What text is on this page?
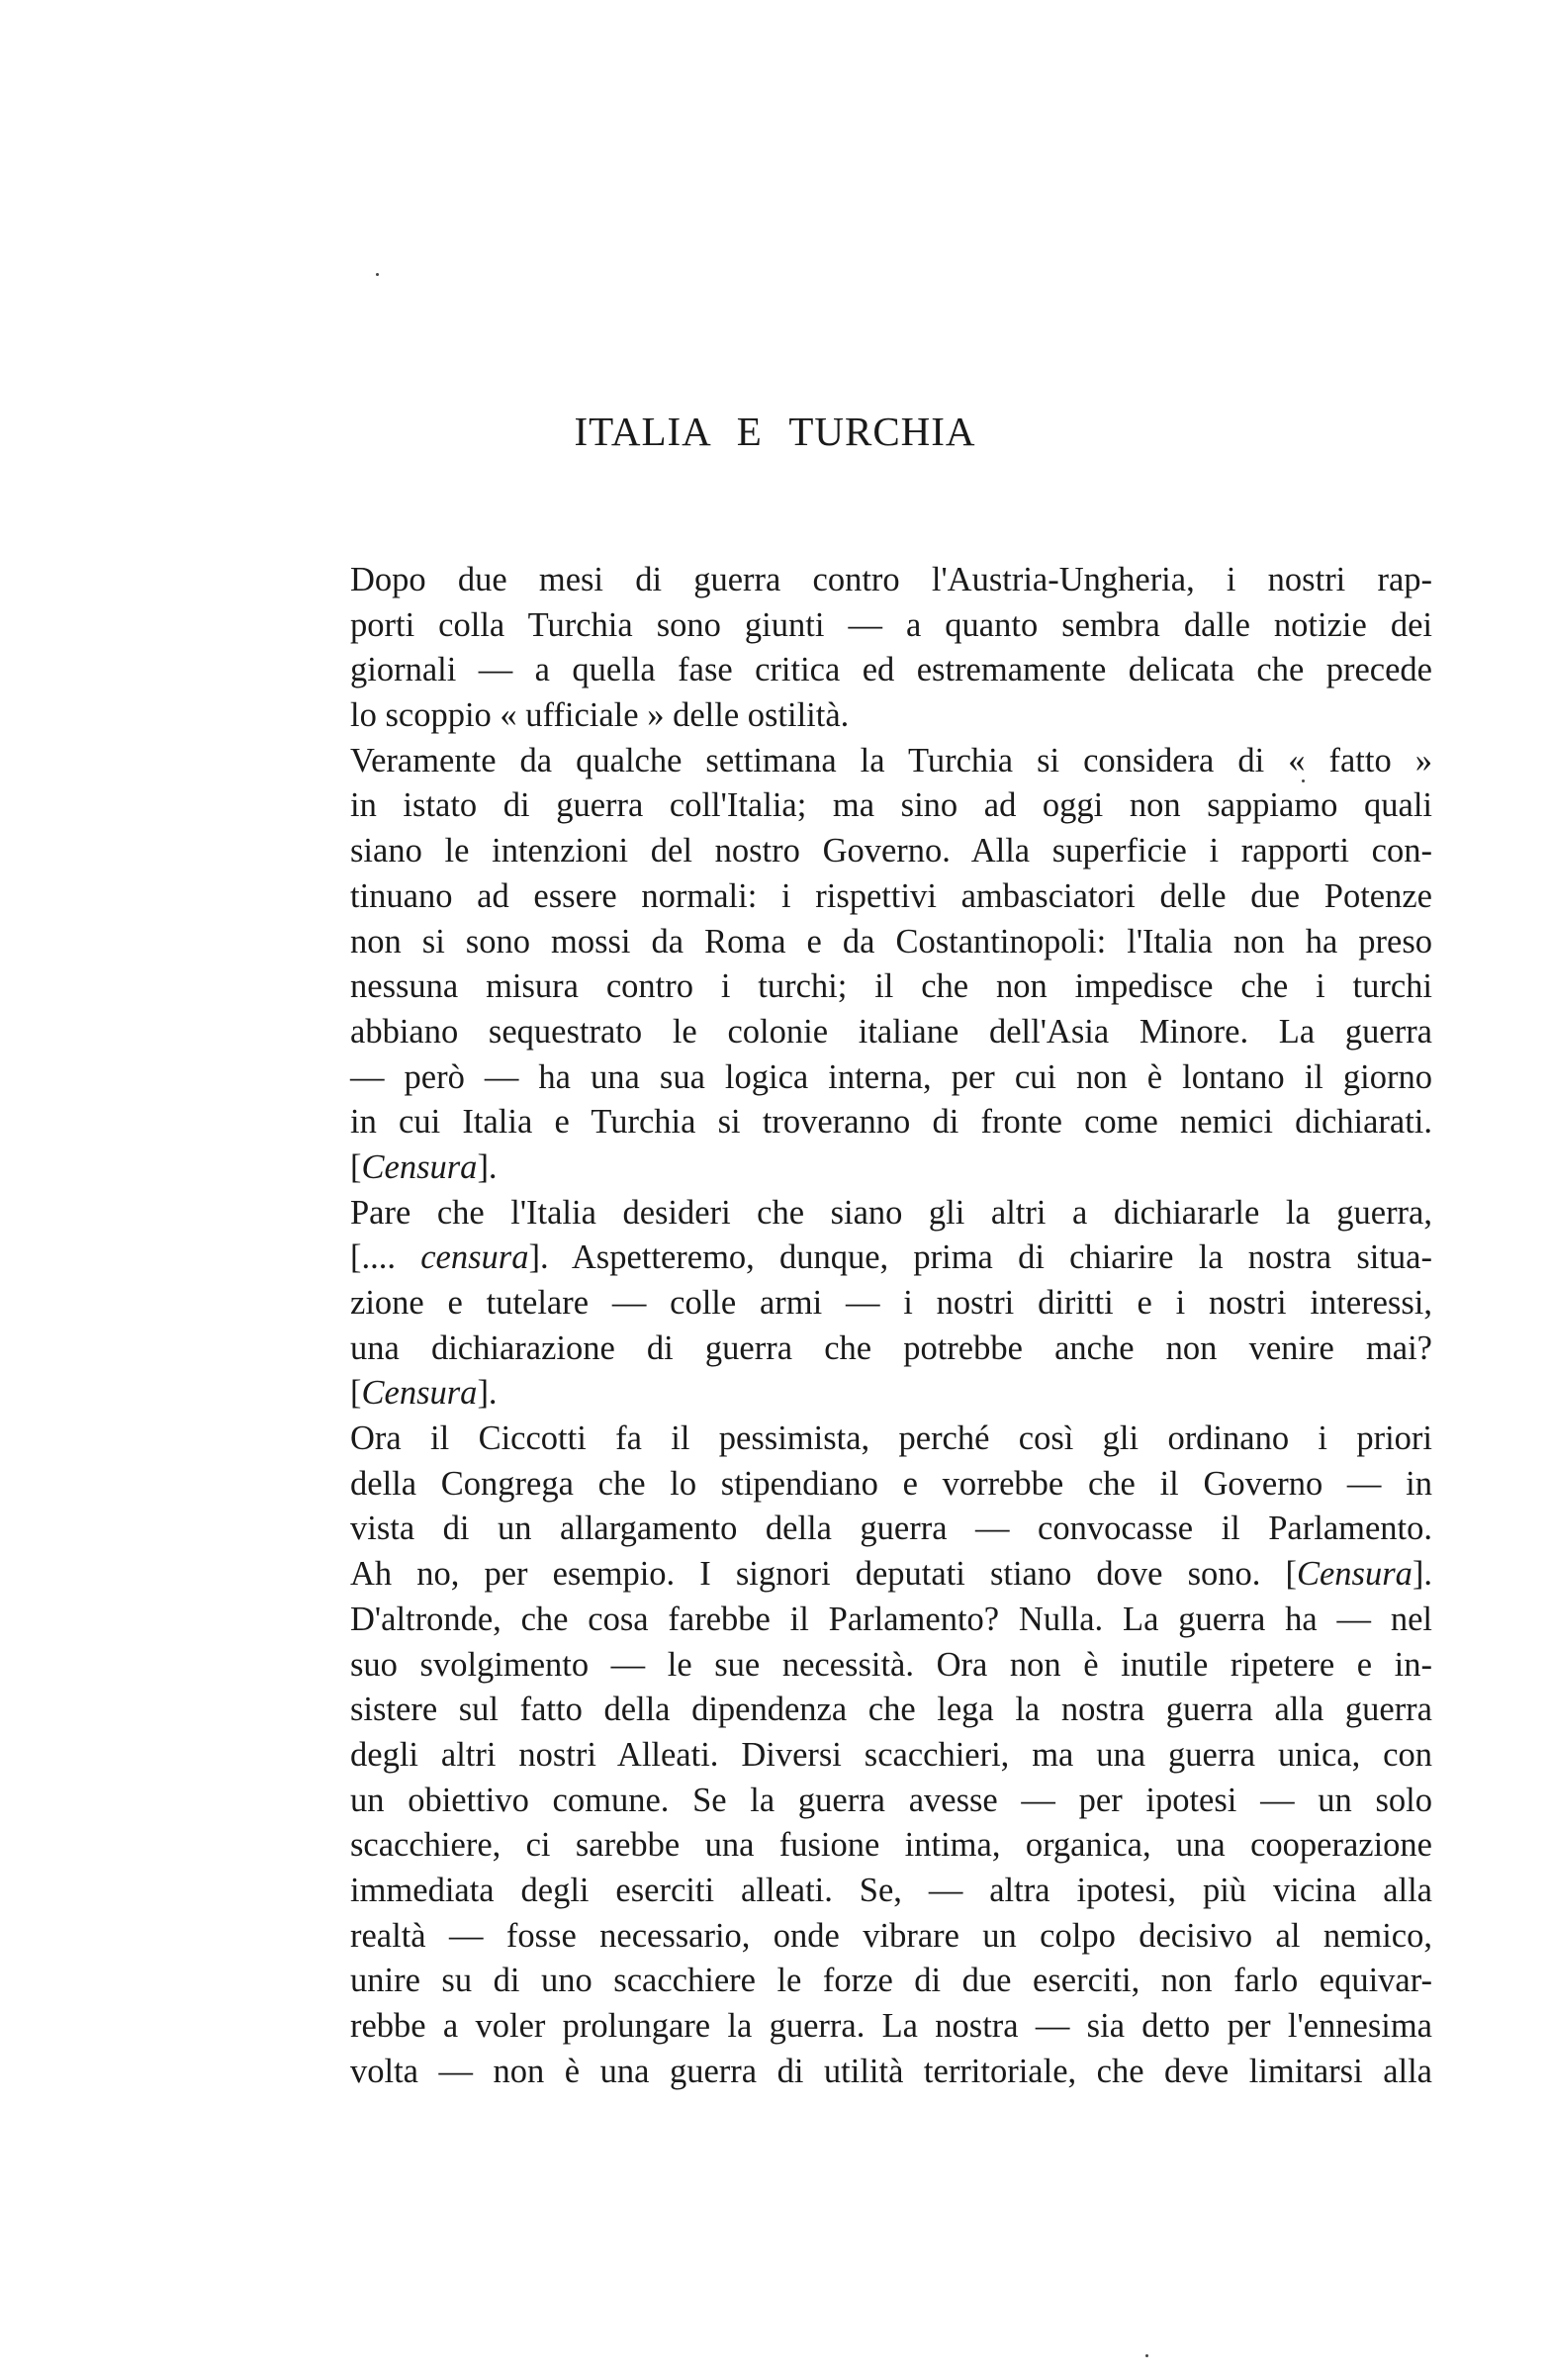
ITALIA E TURCHIA
Dopo due mesi di guerra contro l'Austria-Ungheria, i nostri rap-
porti colla Turchia sono giunti — a quanto sembra dalle notizie dei
giornali — a quella fase critica ed estremamente delicata che precede
lo scoppio « ufficiale » delle ostilità.
Veramente da qualche settimana la Turchia si considera di « fatto »
in istato di guerra coll'Italia; ma sino ad oggi non sappiamo quali
siano le intenzioni del nostro Governo. Alla superficie i rapporti con-
tinuano ad essere normali: i rispettivi ambasciatori delle due Potenze
non si sono mossi da Roma e da Costantinopoli: l'Italia non ha preso
nessuna misura contro i turchi; il che non impedisce che i turchi
abbiano sequestrato le colonie italiane dell'Asia Minore. La guerra
— però — ha una sua logica interna, per cui non è lontano il giorno
in cui Italia e Turchia si troveranno di fronte come nemici dichiarati.
[Censura].
Pare che l'Italia desideri che siano gli altri a dichiararle la guerra,
[.... censura]. Aspetteremo, dunque, prima di chiarire la nostra situa-
zione e tutelare — colle armi — i nostri diritti e i nostri interessi,
una dichiarazione di guerra che potrebbe anche non venire mai?
[Censura].
Ora il Ciccotti fa il pessimista, perché così gli ordinano i priori
della Congrega che lo stipendiano e vorrebbe che il Governo — in
vista di un allargamento della guerra — convocasse il Parlamento.
Ah no, per esempio. I signori deputati stiano dove sono. [Censura].
D'altronde, che cosa farebbe il Parlamento? Nulla. La guerra ha — nel
suo svolgimento — le sue necessità. Ora non è inutile ripetere e in-
sistere sul fatto della dipendenza che lega la nostra guerra alla guerra
degli altri nostri Alleati. Diversi scacchieri, ma una guerra unica, con
un obiettivo comune. Se la guerra avesse — per ipotesi — un solo
scacchiere, ci sarebbe una fusione intima, organica, una cooperazione
immediata degli eserciti alleati. Se, — altra ipotesi, più vicina alla
realtà — fosse necessario, onde vibrare un colpo decisivo al nemico,
unire su di uno scacchiere le forze di due eserciti, non farlo equivar-
rebbe a voler prolungare la guerra. La nostra — sia detto per l'ennesima
volta — non è una guerra di utilità territoriale, che deve limitarsi alla
